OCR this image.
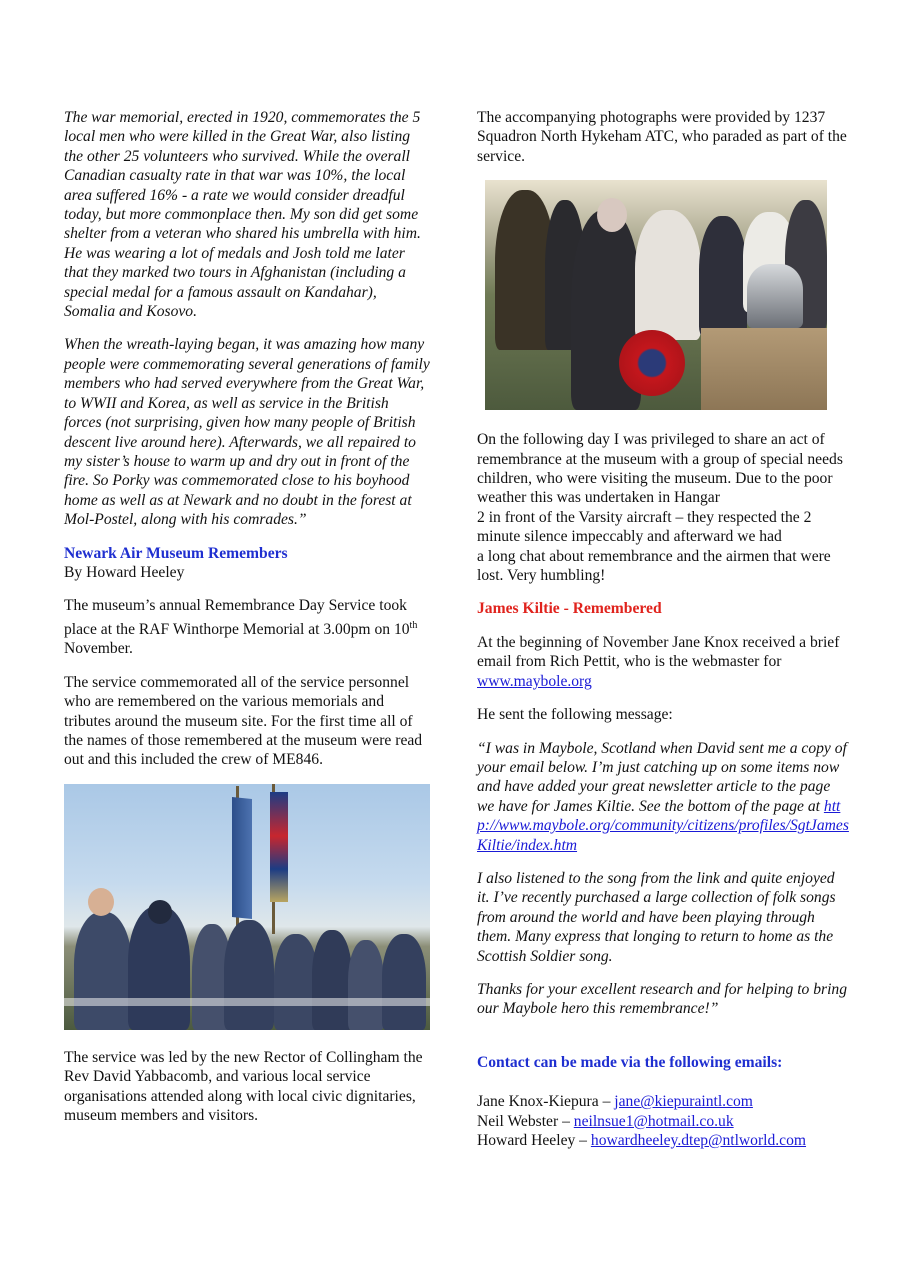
The war memorial, erected in 1920, commemorates the 5 local men who were killed in the Great War, also listing the other 25 volunteers who survived. While the overall Canadian casualty rate in that war was 10%, the local area suffered 16% - a rate we would consider dreadful today, but more commonplace then. My son did get some shelter from a veteran who shared his umbrella with him. He was wearing a lot of medals and Josh told me later that they marked two tours in Afghanistan (including a special medal for a famous assault on Kandahar), Somalia and Kosovo.

When the wreath-laying began, it was amazing how many people were commemorating several generations of family members who had served everywhere from the Great War, to WWII and Korea, as well as service in the British forces (not surprising, given how many people of British descent live around here). Afterwards, we all repaired to my sister’s house to warm up and dry out in front of the fire. So Porky was commemorated close to his boyhood home as well as at Newark and no doubt in the forest at Mol-Postel, along with his comrades.”

Newark Air Museum Remembers
By Howard Heeley

The museum’s annual Remembrance Day Service took place at the RAF Winthorpe Memorial at 3.00pm on 10th November.

The service commemorated all of the service personnel who are remembered on the various memorials and tributes around the museum site. For the first time all of the names of those remembered at the museum were read out and this included the crew of ME846.

The service was led by the new Rector of Collingham the Rev David Yabbacomb, and various local service organisations attended along with local civic dignitaries, museum members and visitors.

The accompanying photographs were provided by 1237 Squadron North Hykeham ATC, who paraded as part of the service.

On the following day I was privileged to share an act of remembrance at the museum with a group of special needs children, who were visiting the museum. Due to the poor weather this was undertaken in Hangar
2 in front of the Varsity aircraft – they respected the 2 minute silence impeccably and afterward we had
a long chat about remembrance and the airmen that were lost. Very humbling!

James Kiltie - Remembered

At the beginning of November Jane Knox received a brief email from Rich Pettit, who is the webmaster for www.maybole.org

He sent the following message:

“I was in Maybole, Scotland when David sent me a copy of your email below. I’m just catching up on some items now and have added your great newsletter article to the page we have for James Kiltie. See the bottom of the page at http://www.maybole.org/community/citizens/profiles/SgtJamesKiltie/index.htm

I also listened to the song from the link and quite enjoyed it. I’ve recently purchased a large collection of folk songs from around the world and have been playing through them. Many express that longing to return to home as the Scottish Soldier song.

Thanks for your excellent research and for helping to bring our Maybole hero this remembrance!”

Contact can be made via the following emails:

Jane Knox-Kiepura – jane@kiepuraintl.com

Neil Webster – neilnsue1@hotmail.co.uk

Howard Heeley – howardheeley.dtep@ntlworld.com
